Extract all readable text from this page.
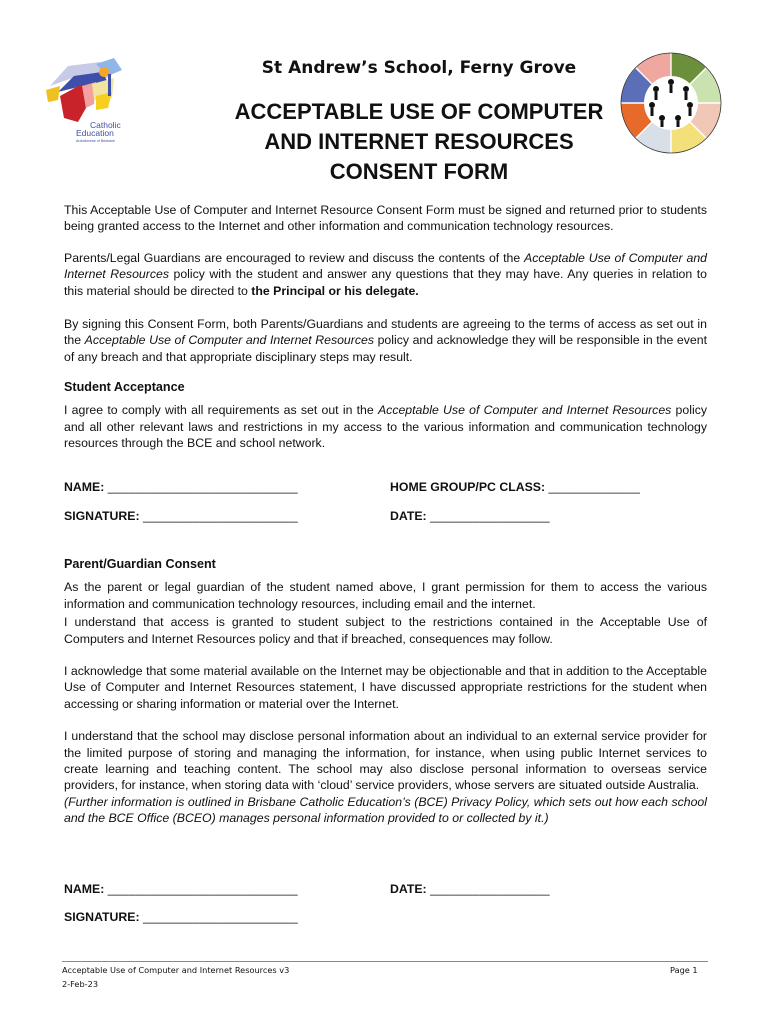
Catholic
Education
Archdiocese of Brisbane
St Andrew’s School, Ferny Grove
ACCEPTABLE USE OF COMPUTER
AND INTERNET RESOURCES
CONSENT FORM

This Acceptable Use of Computer and Internet Resource Consent Form must be signed and returned prior to students being granted access to the Internet and other information and communication technology resources.

Parents/Legal Guardians are encouraged to review and discuss the contents of the Acceptable Use of Computer and Internet Resources policy with the student and answer any questions that they may have. Any queries in relation to this material should be directed to the Principal or his delegate.

By signing this Consent Form, both Parents/Guardians and students are agreeing to the terms of access as set out in the Acceptable Use of Computer and Internet Resources policy and acknowledge they will be responsible in the event of any breach and that appropriate disciplinary steps may result.

Student Acceptance

I agree to comply with all requirements as set out in the Acceptable Use of Computer and Internet Resources policy and all other relevant laws and restrictions in my access to the various information and communication technology resources through the BCE and school network.

NAME: ___________________________	HOME GROUP/PC CLASS: _____________
SIGNATURE: ______________________	DATE: _________________
Parent/Guardian Consent

As the parent or legal guardian of the student named above, I grant permission for them to access the various information and communication technology resources, including email and the internet.

I understand that access is granted to student subject to the restrictions contained in the Acceptable Use of Computers and Internet Resources policy and that if breached, consequences may follow.

I acknowledge that some material available on the Internet may be objectionable and that in addition to the Acceptable Use of Computer and Internet Resources statement, I have discussed appropriate restrictions for the student when accessing or sharing information or material over the Internet.

I understand that the school may disclose personal information about an individual to an external service provider for the limited purpose of storing and managing the information, for instance, when using public Internet services to create learning and teaching content. The school may also disclose personal information to overseas service providers, for instance, when storing data with ‘cloud’ service providers, whose servers are situated outside Australia.

(Further information is outlined in Brisbane Catholic Education’s (BCE) Privacy Policy, which sets out how each school and the BCE Office (BCEO) manages personal information provided to or collected by it.)

NAME: ___________________________	DATE: _________________
SIGNATURE: ______________________
Acceptable Use of Computer and Internet Resources v3
2-Feb-23
Page 1
